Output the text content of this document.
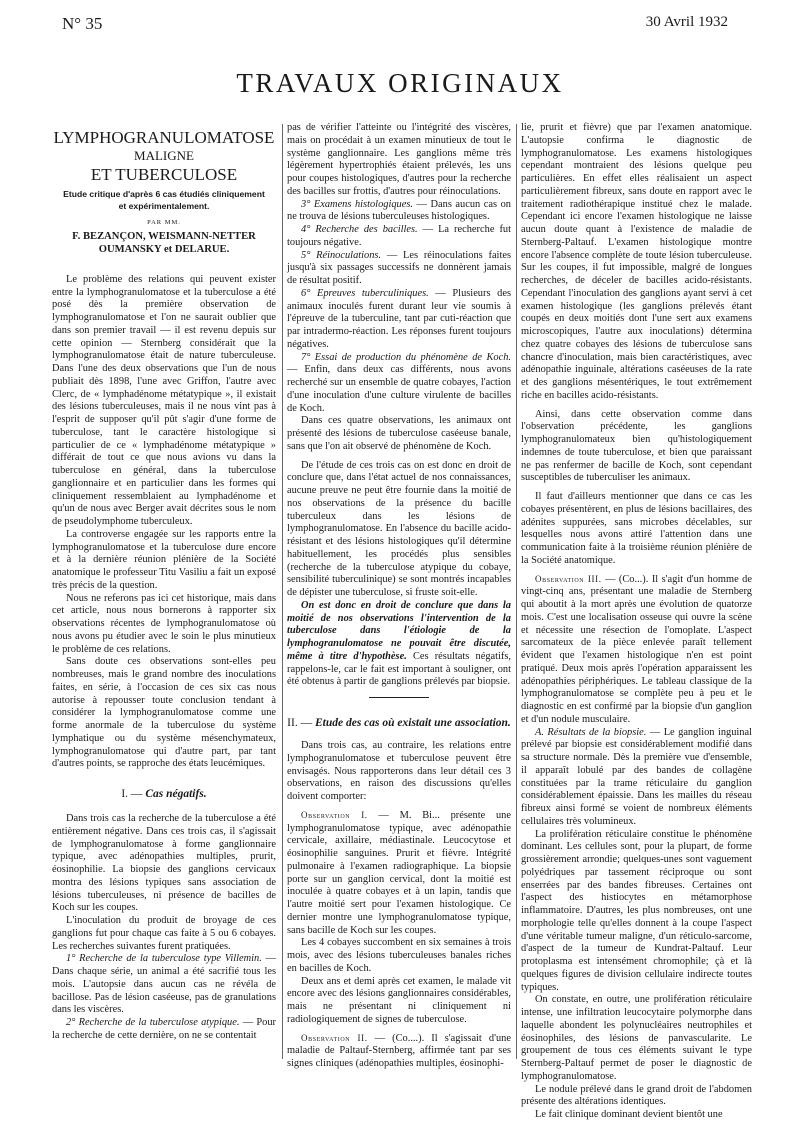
N° 35	30 Avril 1932
TRAVAUX ORIGINAUX
LYMPHOGRANULOMATOSE
MALIGNE
ET TUBERCULOSE
Etude critique d'après 6 cas étudiés cliniquement
et expérimentalement.
PAR MM.
F. BEZANÇON, WEISMANN-NETTER
OUMANSKY et DELARUE.

Le problème des relations qui peuvent exister entre la lymphogranulomatose et la tuberculose a été posé dès la première observation de lymphogranulomatose et l'on ne saurait oublier que dans son premier travail — il est revenu depuis sur cette opinion — Sternberg considérait que la lymphogranulomatose était de nature tuberculeuse. Dans l'une des deux observations que l'un de nous publiait dès 1898, l'une avec Griffon, l'autre avec Clerc, de « lymphadénome métatypique », il existait des lésions tuberculeuses, mais il ne nous vint pas à l'esprit de supposer qu'il pût s'agir d'une forme de tuberculose, tant le caractère histologique si particulier de ce « lymphadénome métatypique » différait de tout ce que nous avions vu dans la tuberculose en général, dans la tuberculose ganglionnaire et en particulier dans les formes qui cliniquement ressemblaient au lymphadénome et qu'un de nous avec Berger avait décrites sous le nom de pseudolymphome tuberculeux.

La controverse engagée sur les rapports entre la lymphogranulomatose et la tuberculose dure encore et à la dernière réunion plénière de la Société anatomique le professeur Titu Vasiliu a fait un exposé très précis de la question.

Nous ne referons pas ici cet historique, mais dans cet article, nous nous bornerons à rapporter six observations récentes de lymphogranulomatose où nous avons pu étudier avec le soin le plus minutieux le problème de ces relations.

Sans doute ces observations sont-elles peu nombreuses, mais le grand nombre des inoculations faites, en série, à l'occasion de ces six cas nous autorise à repousser toute conclusion tendant à considérer la lymphogranulomatose comme une forme anormale de la tuberculose du système lymphatique ou du système mésenchymateux, lymphogranulomatose qui d'autre part, par tant d'autres points, se rapproche des états leucémiques.

I. — Cas négatifs.

Dans trois cas la recherche de la tuberculose a été entièrement négative. Dans ces trois cas, il s'agissait de lymphogranulomatose à forme ganglionnaire typique, avec adénopathies multiples, prurit, éosinophilie. La biopsie des ganglions cervicaux montra des lésions typiques sans association de lésions tuberculeuses, ni présence de bacilles de Koch sur les coupes.

L'inoculation du produit de broyage de ces ganglions fut pour chaque cas faite à 5 ou 6 cobayes. Les recherches suivantes furent pratiquées.

1° Recherche de la tuberculose type Villemin. — Dans chaque série, un animal a été sacrifié tous les mois. L'autopsie dans aucun cas ne révéla de bacillose. Pas de lésion caséeuse, pas de granulations dans les viscères.

2° Recherche de la tuberculose atypique. — Pour la recherche de cette dernière, on ne se contentait

pas de vérifier l'atteinte ou l'intégrité des viscères, mais on procédait à un examen minutieux de tout le système ganglionnaire. Les ganglions même très légèrement hypertrophiés étaient prélevés, les uns pour coupes histologiques, d'autres pour la recherche des bacilles sur frottis, d'autres pour réinoculations.

3° Examens histologiques. — Dans aucun cas on ne trouva de lésions tuberculeuses histologiques.

4° Recherche des bacilles. — La recherche fut toujours négative.

5° Réinoculations. — Les réinoculations faites jusqu'à six passages successifs ne donnèrent jamais de résultat positif.

6° Epreuves tuberculiniques. — Plusieurs des animaux inoculés furent durant leur vie soumis à l'épreuve de la tuberculine, tant par cuti-réaction que par intradermo-réaction. Les réponses furent toujours négatives.

7° Essai de production du phénomène de Koch. — Enfin, dans deux cas différents, nous avons recherché sur un ensemble de quatre cobayes, l'action d'une inoculation d'une culture virulente de bacilles de Koch.

Dans ces quatre observations, les animaux ont présenté des lésions de tuberculose caséeuse banale, sans que l'on ait observé de phénomène de Koch.

De l'étude de ces trois cas on est donc en droit de conclure que, dans l'état actuel de nos connaissances, aucune preuve ne peut être fournie dans la moitié de nos observations de la présence du bacille tuberculeux dans les lésions de lymphogranulomatose. En l'absence du bacille acido-résistant et des lésions histologiques qu'il détermine habituellement, les procédés plus sensibles (recherche de la tuberculose atypique du cobaye, sensibilité tuberculinique) se sont montrés incapables de dépister une tuberculose, si fruste soit-elle.

On est donc en droit de conclure que dans la moitié de nos observations l'intervention de la tuberculose dans l'étiologie de la lymphogranulomatose ne pouvait être discutée, même à titre d'hypothèse. Ces résultats négatifs, rappelons-le, car le fait est important à souligner, ont été obtenus à partir de ganglions prélevés par biopsie.

II. — Etude des cas où existait une association.

Dans trois cas, au contraire, les relations entre lymphogranulomatose et tuberculose peuvent être envisagés. Nous rapporterons dans leur détail ces 3 observations, en raison des discussions qu'elles doivent comporter:

Observation I. — M. Bi... présente une lymphogranulomatose typique, avec adénopathie cervicale, axillaire, médiastinale. Leucocytose et éosinophilie sanguines. Prurit et fièvre. Intégrité pulmonaire à l'examen radiographique. La biopsie porte sur un ganglion cervical, dont la moitié est inoculée à quatre cobayes et à un lapin, tandis que l'autre moitié sert pour l'examen histologique. Ce dernier montre une lymphogranulomatose typique, sans bacille de Koch sur les coupes.

Les 4 cobayes succombent en six semaines à trois mois, avec des lésions tuberculeuses banales riches en bacilles de Koch.

Deux ans et demi après cet examen, le malade vit encore avec des lésions ganglionnaires considérables, mais ne présentant ni cliniquement ni radiologiquement de signes de tuberculose.

Observation II. — (Co....). Il s'agissait d'une maladie de Paltauf-Sternberg, affirmée tant par ses signes cliniques (adénopathies multiples, éosinophi-

lie, prurit et fièvre) que par l'examen anatomique. L'autopsie confirma le diagnostic de lymphogranulomatose. Les examens histologiques cependant montraient des lésions quelque peu particulières. En effet elles réalisaient un aspect particulièrement fibreux, sans doute en rapport avec le traitement radiothérapique institué chez le malade. Cependant ici encore l'examen histologique ne laisse aucun doute quant à l'existence de maladie de Sternberg-Paltauf. L'examen histologique montre encore l'absence complète de toute lésion tuberculeuse. Sur les coupes, il fut impossible, malgré de longues recherches, de déceler de bacilles acido-résistants. Cependant l'inoculation des ganglions ayant servi à cet examen histologique (les ganglions prélevés étant coupés en deux moitiés dont l'une sert aux examens microscopiques, l'autre aux inoculations) détermina chez quatre cobayes des lésions de tuberculose sans chancre d'inoculation, mais bien caractéristiques, avec adénopathie inguinale, altérations caséeuses de la rate et des ganglions mésentériques, le tout extrêmement riche en bacilles acido-résistants.

Ainsi, dans cette observation comme dans l'observation précédente, les ganglions lymphogranulomateux bien qu'histologiquement indemnes de toute tuberculose, et bien que paraissant ne pas renfermer de bacille de Koch, sont cependant susceptibles de tuberculiser les animaux.

Il faut d'ailleurs mentionner que dans ce cas les cobayes présentèrent, en plus de lésions bacillaires, des adénites suppurées, sans microbes décelables, sur lesquelles nous avons attiré l'attention dans une communication faite à la troisième réunion plénière de la Société anatomique.

Observation III. — (Co...). Il s'agit d'un homme de vingt-cinq ans, présentant une maladie de Sternberg qui aboutit à la mort après une évolution de quatorze mois. C'est une localisation osseuse qui ouvre la scène et nécessite une résection de l'omoplate. L'aspect sarcomateux de la pièce enlevée paraît tellement évident que l'examen histologique n'en est point pratiqué. Deux mois après l'opération apparaissent les adénopathies périphériques. Le tableau classique de la lymphogranulomatose se complète peu à peu et le diagnostic en est confirmé par la biopsie d'un ganglion et d'un nodule musculaire.

A. Résultats de la biopsie. — Le ganglion inguinal prélevé par biopsie est considérablement modifié dans sa structure normale. Dès la première vue d'ensemble, il apparaît lobulé par des bandes de collagène constituées par la trame réticulaire du ganglion considérablement épaissie. Dans les mailles du réseau fibreux ainsi formé se voient de nombreux éléments cellulaires très volumineux.

La prolifération réticulaire constitue le phénomène dominant. Les cellules sont, pour la plupart, de forme grossièrement arrondie; quelques-unes sont vaguement polyédriques par tassement réciproque ou sont enserrées par des bandes fibreuses. Certaines ont l'aspect des histiocytes en métamorphose inflammatoire. D'autres, les plus nombreuses, ont une morphologie telle qu'elles donnent à la coupe l'aspect d'une véritable tumeur maligne, d'un réticulo-sarcome, d'aspect de la tumeur de Kundrat-Paltauf. Leur protoplasma est intensément chromophile; çà et là quelques figures de division cellulaire indirecte toutes typiques.

On constate, en outre, une prolifération réticulaire intense, une infiltration leucocytaire polymorphe dans laquelle abondent les polynucléaires neutrophiles et éosinophiles, des lésions de panvascularite. Le groupement de tous ces éléments suivant le type Sternberg-Paltauf permet de poser le diagnostic de lymphogranulomatose.

Le nodule prélevé dans le grand droit de l'abdomen présente des altérations identiques.

Le fait clinique dominant devient bientôt une
